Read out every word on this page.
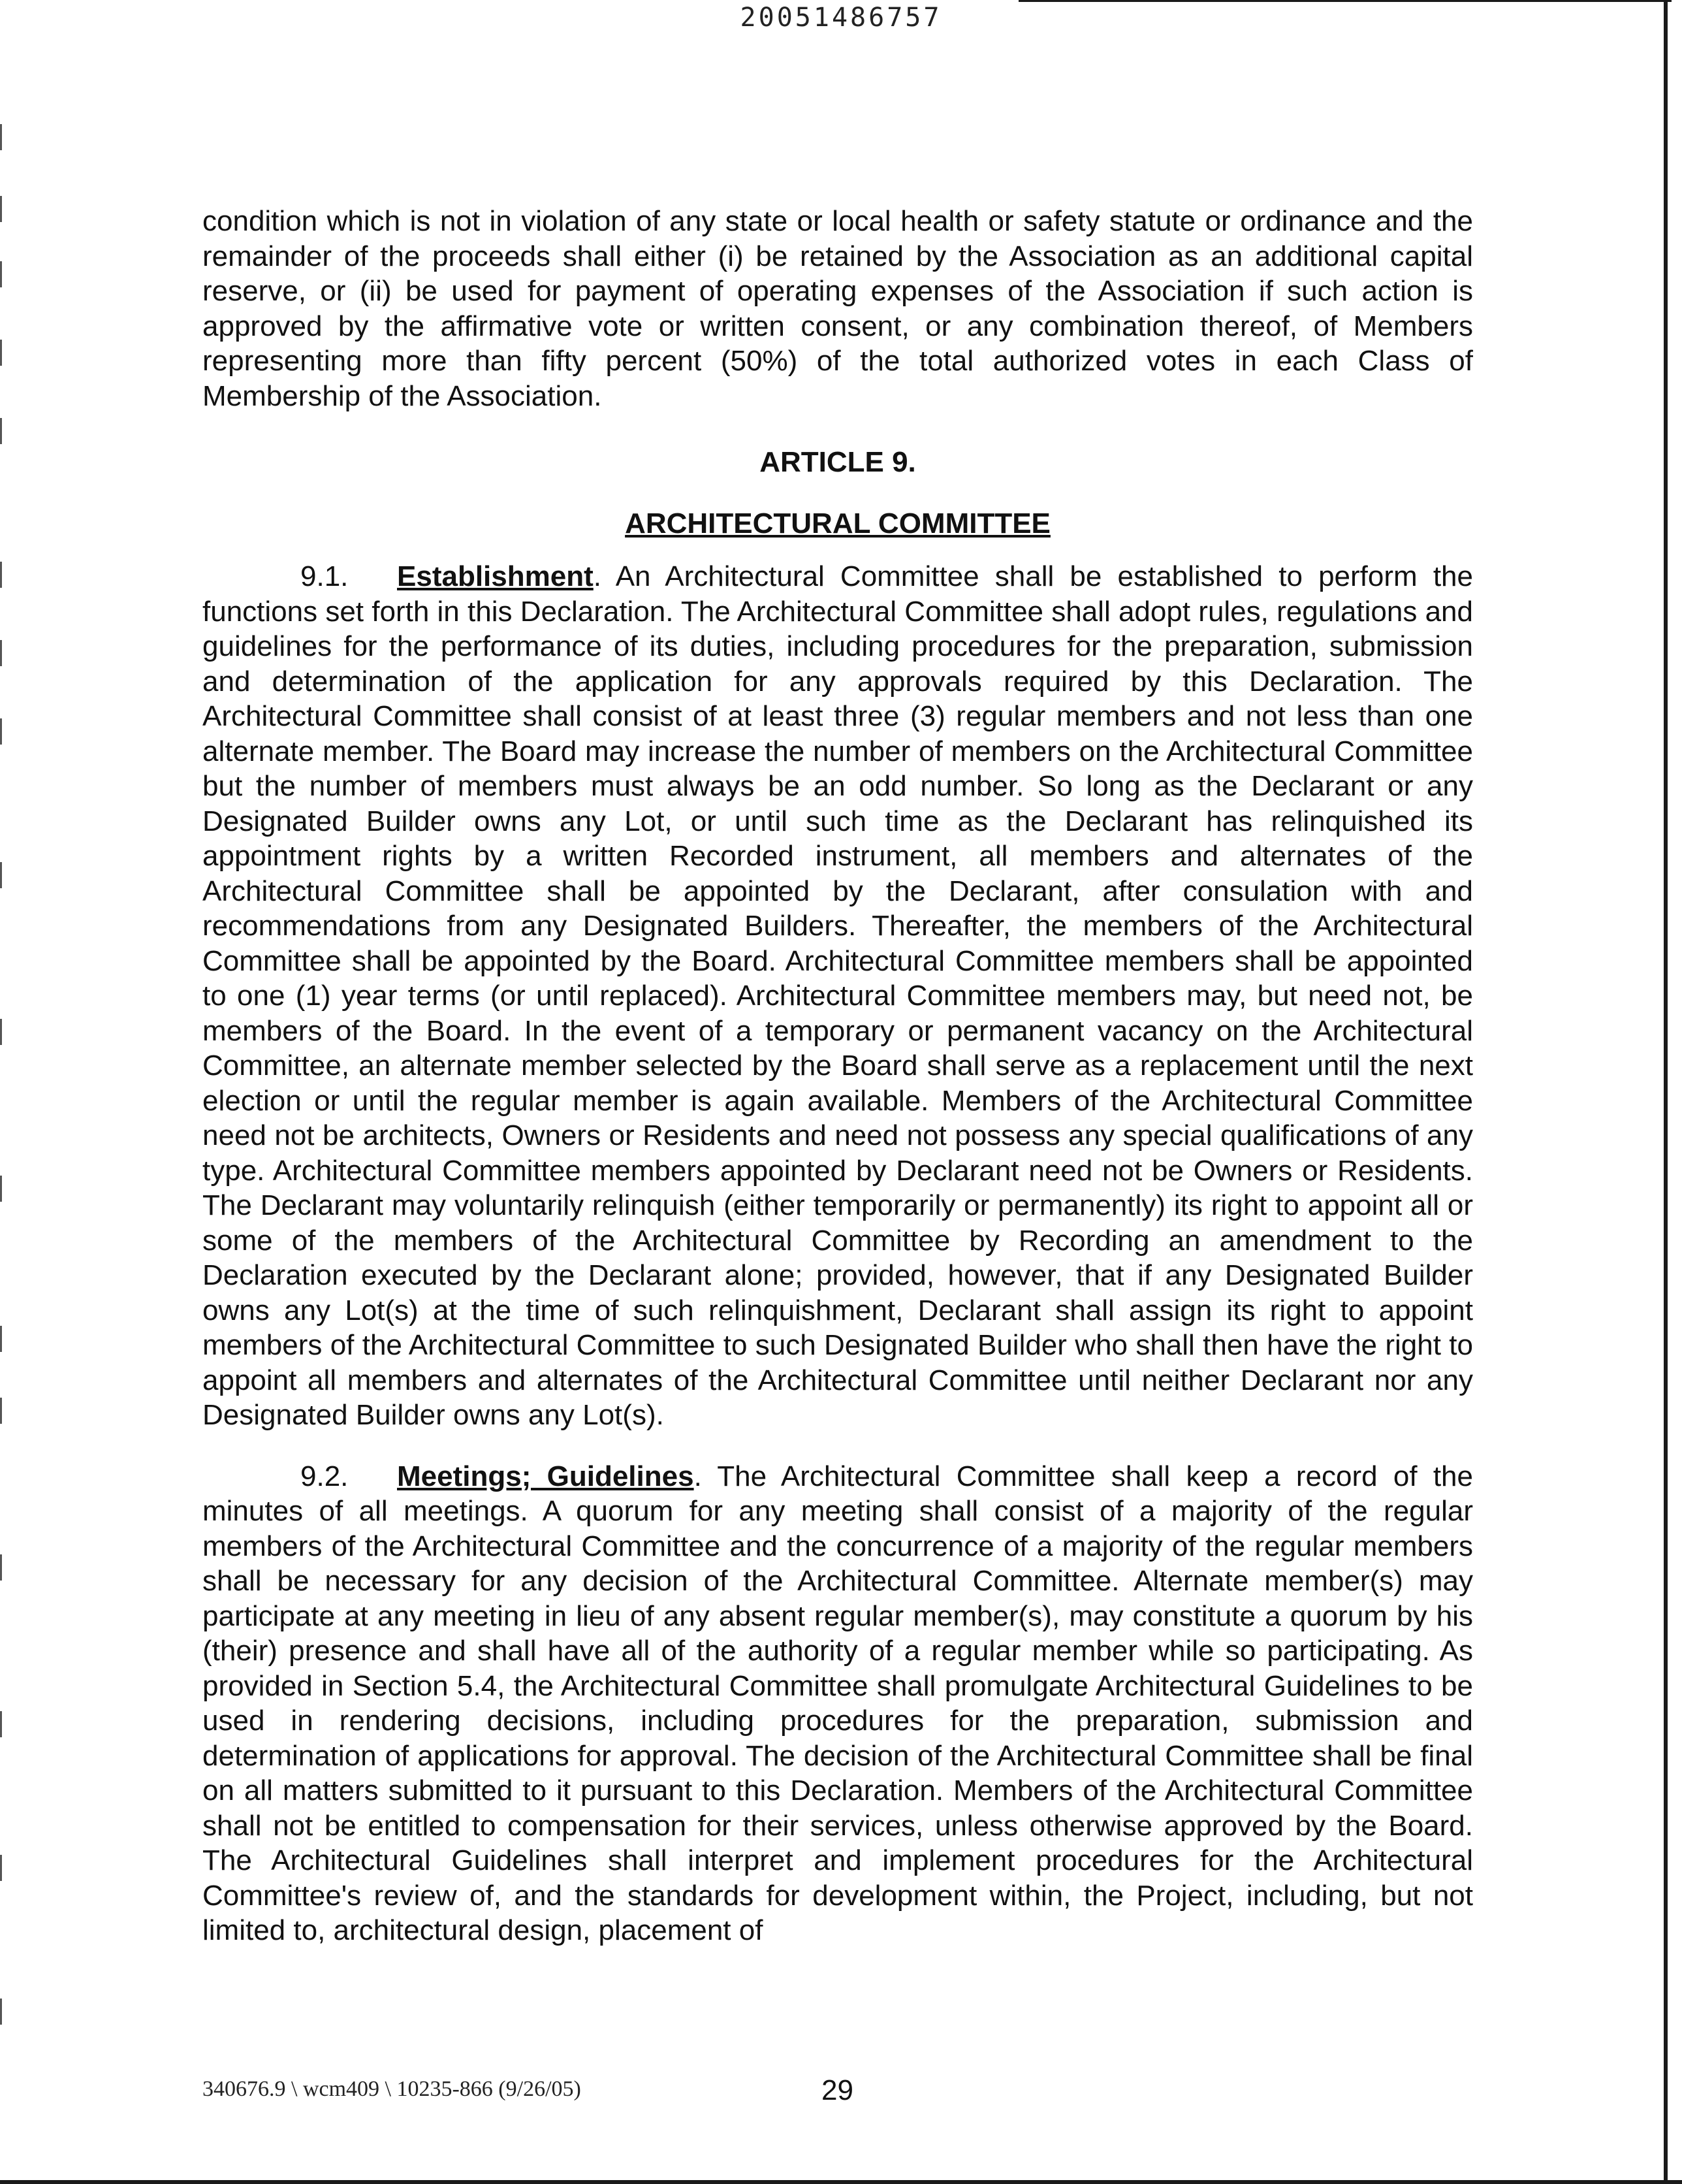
20051486757

condition which is not in violation of any state or local health or safety statute or ordinance and the remainder of the proceeds shall either (i) be retained by the Association as an additional capital reserve, or (ii) be used for payment of operating expenses of the Association if such action is approved by the affirmative vote or written consent, or any combination thereof, of Members representing more than fifty percent (50%) of the total authorized votes in each Class of Membership of the Association.

ARTICLE 9.

ARCHITECTURAL COMMITTEE

9.1. Establishment. An Architectural Committee shall be established to perform the functions set forth in this Declaration. The Architectural Committee shall adopt rules, regulations and guidelines for the performance of its duties, including procedures for the preparation, submission and determination of the application for any approvals required by this Declaration. The Architectural Committee shall consist of at least three (3) regular members and not less than one alternate member. The Board may increase the number of members on the Architectural Committee but the number of members must always be an odd number. So long as the Declarant or any Designated Builder owns any Lot, or until such time as the Declarant has relinquished its appointment rights by a written Recorded instrument, all members and alternates of the Architectural Committee shall be appointed by the Declarant, after consulation with and recommendations from any Designated Builders. Thereafter, the members of the Architectural Committee shall be appointed by the Board. Architectural Committee members shall be appointed to one (1) year terms (or until replaced). Architectural Committee members may, but need not, be members of the Board. In the event of a temporary or permanent vacancy on the Architectural Committee, an alternate member selected by the Board shall serve as a replacement until the next election or until the regular member is again available. Members of the Architectural Committee need not be architects, Owners or Residents and need not possess any special qualifications of any type. Architectural Committee members appointed by Declarant need not be Owners or Residents. The Declarant may voluntarily relinquish (either temporarily or permanently) its right to appoint all or some of the members of the Architectural Committee by Recording an amendment to the Declaration executed by the Declarant alone; provided, however, that if any Designated Builder owns any Lot(s) at the time of such relinquishment, Declarant shall assign its right to appoint members of the Architectural Committee to such Designated Builder who shall then have the right to appoint all members and alternates of the Architectural Committee until neither Declarant nor any Designated Builder owns any Lot(s).

9.2. Meetings; Guidelines. The Architectural Committee shall keep a record of the minutes of all meetings. A quorum for any meeting shall consist of a majority of the regular members of the Architectural Committee and the concurrence of a majority of the regular members shall be necessary for any decision of the Architectural Committee. Alternate member(s) may participate at any meeting in lieu of any absent regular member(s), may constitute a quorum by his (their) presence and shall have all of the authority of a regular member while so participating. As provided in Section 5.4, the Architectural Committee shall promulgate Architectural Guidelines to be used in rendering decisions, including procedures for the preparation, submission and determination of applications for approval. The decision of the Architectural Committee shall be final on all matters submitted to it pursuant to this Declaration. Members of the Architectural Committee shall not be entitled to compensation for their services, unless otherwise approved by the Board. The Architectural Guidelines shall interpret and implement procedures for the Architectural Committee's review of, and the standards for development within, the Project, including, but not limited to, architectural design, placement of

340676.9 \ wcm409 \ 10235-866 (9/26/05)	29
